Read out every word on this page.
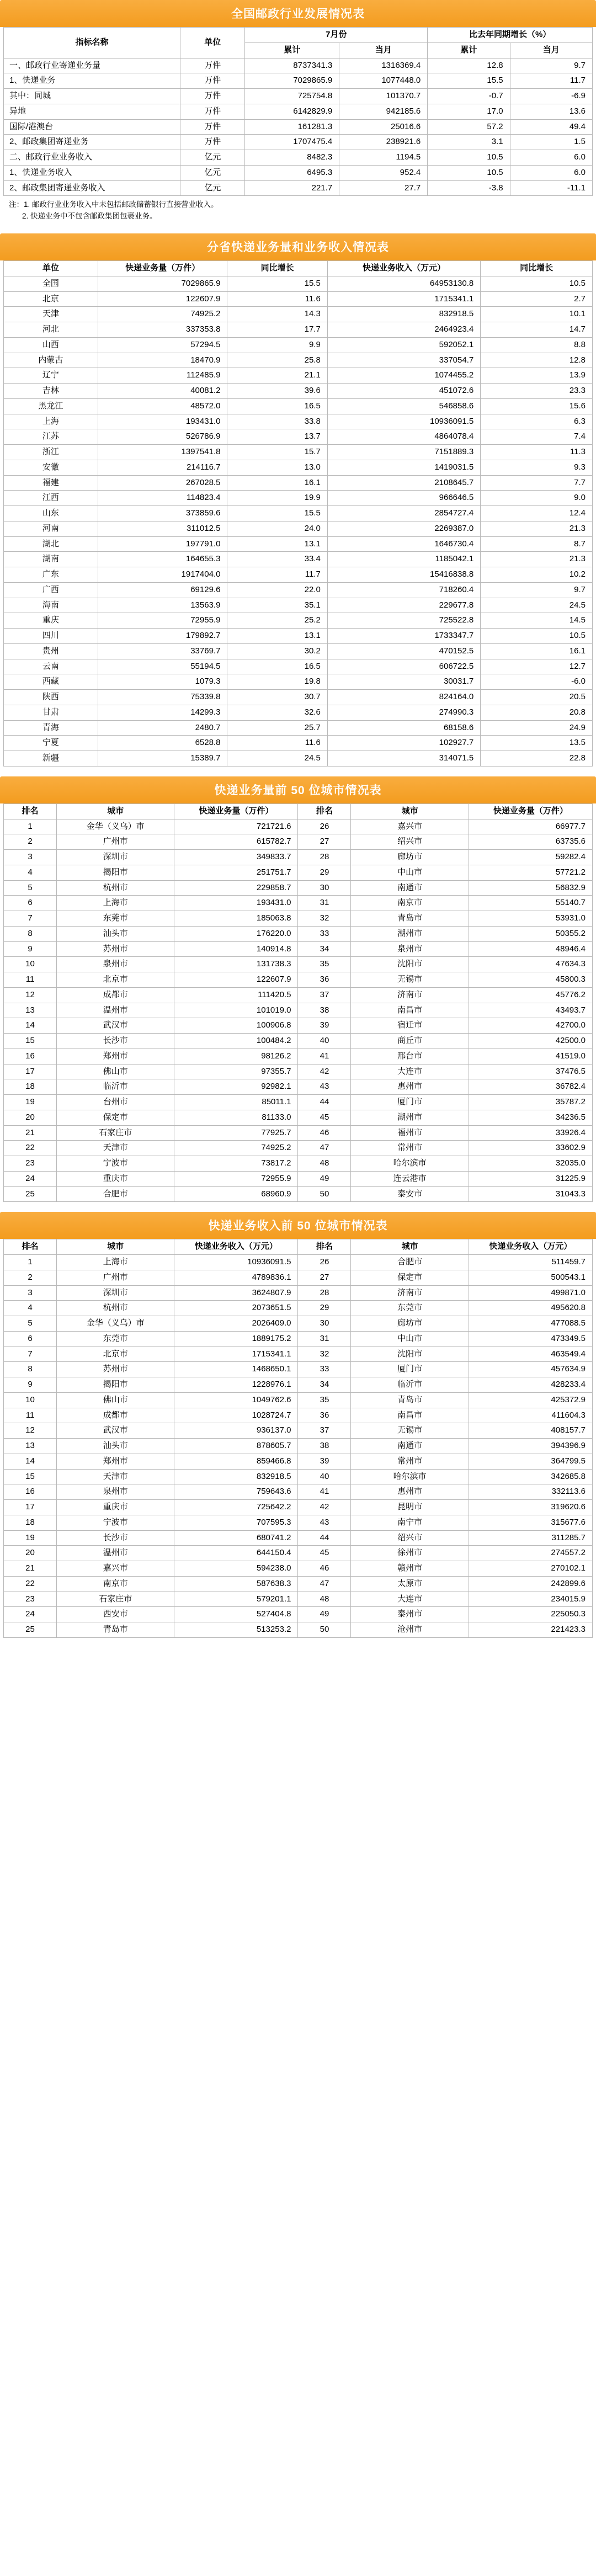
全国邮政行业发展情况表
指标名称	单位	7月份		比去年同期增长（%）	
		累计	当月	累计	当月
一、邮政行业寄递业务量	万件	8737341.3	1316369.4	12.8	9.7
1、快递业务	万件	7029865.9	1077448.0	15.5	11.7
其中：同城	万件	725754.8	101370.7	-0.7	-6.9
异地	万件	6142829.9	942185.6	17.0	13.6
国际/港澳台	万件	161281.3	25016.6	57.2	49.4
2、邮政集团寄递业务	万件	1707475.4	238921.6	3.1	1.5
二、邮政行业业务收入	亿元	8482.3	1194.5	10.5	6.0
1、快递业务收入	亿元	6495.3	952.4	10.5	6.0
2、邮政集团寄递业务收入	亿元	221.7	27.7	-3.8	-11.1
注：1. 邮政行业业务收入中未包括邮政储蓄银行直接营业收入。
2. 快递业务中不包含邮政集团包裹业务。
分省快递业务量和业务收入情况表
单位	快递业务量（万件）	同比增长	快递业务收入（万元）	同比增长
全国	7029865.9	15.5	64953130.8	10.5
北京	122607.9	11.6	1715341.1	2.7
天津	74925.2	14.3	832918.5	10.1
河北	337353.8	17.7	2464923.4	14.7
山西	57294.5	9.9	592052.1	8.8
内蒙古	18470.9	25.8	337054.7	12.8
辽宁	112485.9	21.1	1074455.2	13.9
吉林	40081.2	39.6	451072.6	23.3
黑龙江	48572.0	16.5	546858.6	15.6
上海	193431.0	33.8	10936091.5	6.3
江苏	526786.9	13.7	4864078.4	7.4
浙江	1397541.8	15.7	7151889.3	11.3
安徽	214116.7	13.0	1419031.5	9.3
福建	267028.5	16.1	2108645.7	7.7
江西	114823.4	19.9	966646.5	9.0
山东	373859.6	15.5	2854727.4	12.4
河南	311012.5	24.0	2269387.0	21.3
湖北	197791.0	13.1	1646730.4	8.7
湖南	164655.3	33.4	1185042.1	21.3
广东	1917404.0	11.7	15416838.8	10.2
广西	69129.6	22.0	718260.4	9.7
海南	13563.9	35.1	229677.8	24.5
重庆	72955.9	25.2	725522.8	14.5
四川	179892.7	13.1	1733347.7	10.5
贵州	33769.7	30.2	470152.5	16.1
云南	55194.5	16.5	606722.5	12.7
西藏	1079.3	19.8	30031.7	-6.0
陕西	75339.8	30.7	824164.0	20.5
甘肃	14299.3	32.6	274990.3	20.8
青海	2480.7	25.7	68158.6	24.9
宁夏	6528.8	11.6	102927.7	13.5
新疆	15389.7	24.5	314071.5	22.8
快递业务量前 50 位城市情况表
排名	城市	快递业务量（万件）	排名	城市	快递业务量（万件）
1	金华（义乌）市	721721.6	26	嘉兴市	66977.7
2	广州市	615782.7	27	绍兴市	63735.6
3	深圳市	349833.7	28	廊坊市	59282.4
4	揭阳市	251751.7	29	中山市	57721.2
5	杭州市	229858.7	30	南通市	56832.9
6	上海市	193431.0	31	南京市	55140.7
7	东莞市	185063.8	32	青岛市	53931.0
8	汕头市	176220.0	33	潮州市	50355.2
9	苏州市	140914.8	34	泉州市	48946.4
10	泉州市	131738.3	35	沈阳市	47634.3
11	北京市	122607.9	36	无锡市	45800.3
12	成都市	111420.5	37	济南市	45776.2
13	温州市	101019.0	38	南昌市	43493.7
14	武汉市	100906.8	39	宿迁市	42700.0
15	长沙市	100484.2	40	商丘市	42500.0
16	郑州市	98126.2	41	邢台市	41519.0
17	佛山市	97355.7	42	大连市	37476.5
18	临沂市	92982.1	43	惠州市	36782.4
19	台州市	85011.1	44	厦门市	35787.2
20	保定市	81133.0	45	湖州市	34236.5
21	石家庄市	77925.7	46	福州市	33926.4
22	天津市	74925.2	47	常州市	33602.9
23	宁波市	73817.2	48	哈尔滨市	32035.0
24	重庆市	72955.9	49	连云港市	31225.9
25	合肥市	68960.9	50	泰安市	31043.3
快递业务收入前 50 位城市情况表
排名	城市	快递业务收入（万元）	排名	城市	快递业务收入（万元）
1	上海市	10936091.5	26	合肥市	511459.7
2	广州市	4789836.1	27	保定市	500543.1
3	深圳市	3624807.9	28	济南市	499871.0
4	杭州市	2073651.5	29	东莞市	495620.8
5	金华（义乌）市	2026409.0	30	廊坊市	477088.5
6	东莞市	1889175.2	31	中山市	473349.5
7	北京市	1715341.1	32	沈阳市	463549.4
8	苏州市	1468650.1	33	厦门市	457634.9
9	揭阳市	1228976.1	34	临沂市	428233.4
10	佛山市	1049762.6	35	青岛市	425372.9
11	成都市	1028724.7	36	南昌市	411604.3
12	武汉市	936137.0	37	无锡市	408157.7
13	汕头市	878605.7	38	南通市	394396.9
14	郑州市	859466.8	39	常州市	364799.5
15	天津市	832918.5	40	哈尔滨市	342685.8
16	泉州市	759643.6	41	惠州市	332113.6
17	重庆市	725642.2	42	昆明市	319620.6
18	宁波市	707595.3	43	南宁市	315677.6
19	长沙市	680741.2	44	绍兴市	311285.7
20	温州市	644150.4	45	徐州市	274557.2
21	嘉兴市	594238.0	46	赣州市	270102.1
22	南京市	587638.3	47	太原市	242899.6
23	石家庄市	579201.1	48	大连市	234015.9
24	西安市	527404.8	49	泰州市	225050.3
25	青岛市	513253.2	50	沧州市	221423.3
